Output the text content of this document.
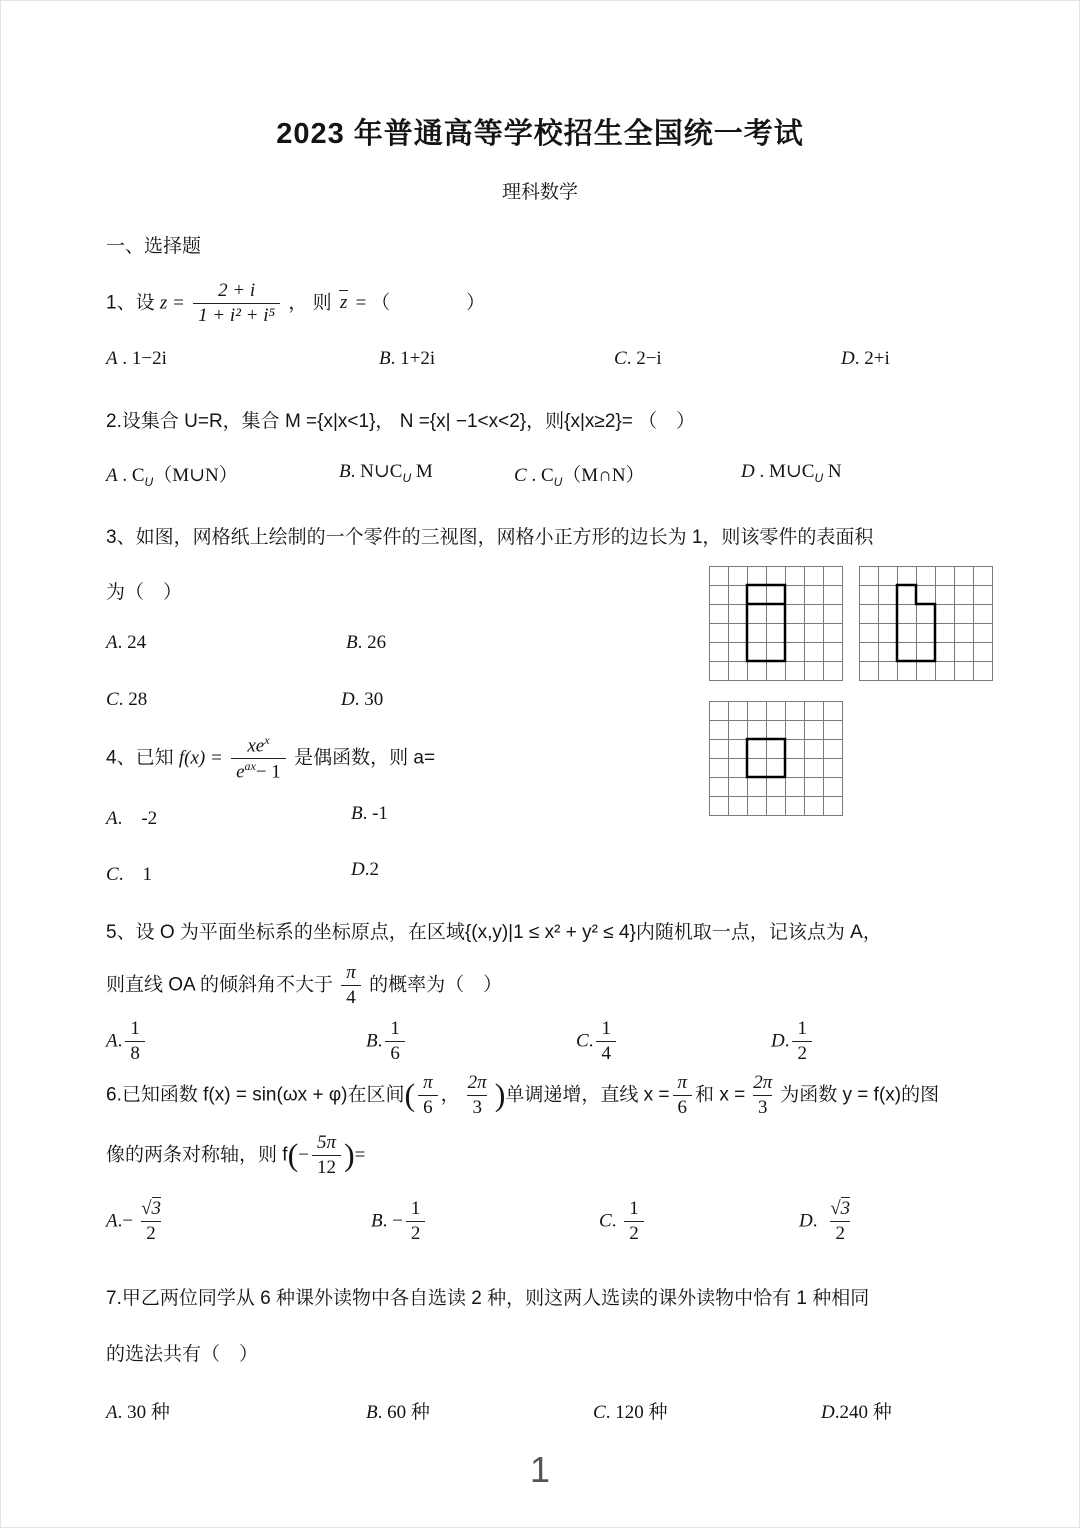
2023 年普通高等学校招生全国统一考试
理科数学
一、选择题
1、设 $z = \frac{2 + i}{\text{1 + i² + i⁵}}$ ， 则 z = （　　　　）
A . 1−2i	B. 1+2i	C. 2−i	D. 2+i
2.设集合 U=R，集合 M ={x|x<1}， N ={x| −1<x<2}，则{x|x≥2}= （　）
A . $C_U(M\cup N)$	B. $N\cup C_U$ M	C . $C_U(M\cap N)$	D . $M\cup C_U$ N
3、如图，网格纸上绘制的一个零件的三视图，网格小正方形的边长为 1，则该零件的表面积
为（　）
A. 24	B. 26
C. 28	D. 30
4、已知 $f(x) = \frac{xe^x}{e^{ax}- 1}$ 是偶函数，则 a=
A.　-2	B. -1
C.　1	D.2
5、设 O 为平面坐标系的坐标原点，在区域{(x,y)|1 ≤ x² + y² ≤ 4}内随机取一点，记该点为 A，
则直线 OA 的倾斜角不大于 $\frac{\pi}{4}$ 的概率为（　）
A. $\frac{1}{8}$	B. $\frac{1}{6}$	C. $\frac{1}{4}$	D. $\frac{1}{2}$
6.已知函数 f(x) = sin(ωx + φ)在区间( $\frac{\pi}{6}$ ， $\frac{2\pi}{3}$ )单调递增，直线 $x = \frac{\pi}{6}$ 和 $x = \frac{2\pi}{3}$ 为函数 y = f(x)的图
像的两条对称轴，则 $f(- \frac{5\pi}{12}$ )=
$A.- \frac{√3}{2}$	B. − $\frac{1}{2}$	C. $\frac{1}{2}$	D. $\frac{√3}{2}$
7.甲乙两位同学从 6 种课外读物中各自选读 2 种，则这两人选读的课外读物中恰有 1 种相同
的选法共有（　）
A. 30 种	B. 60 种	C. 120 种	D.240 种
1
